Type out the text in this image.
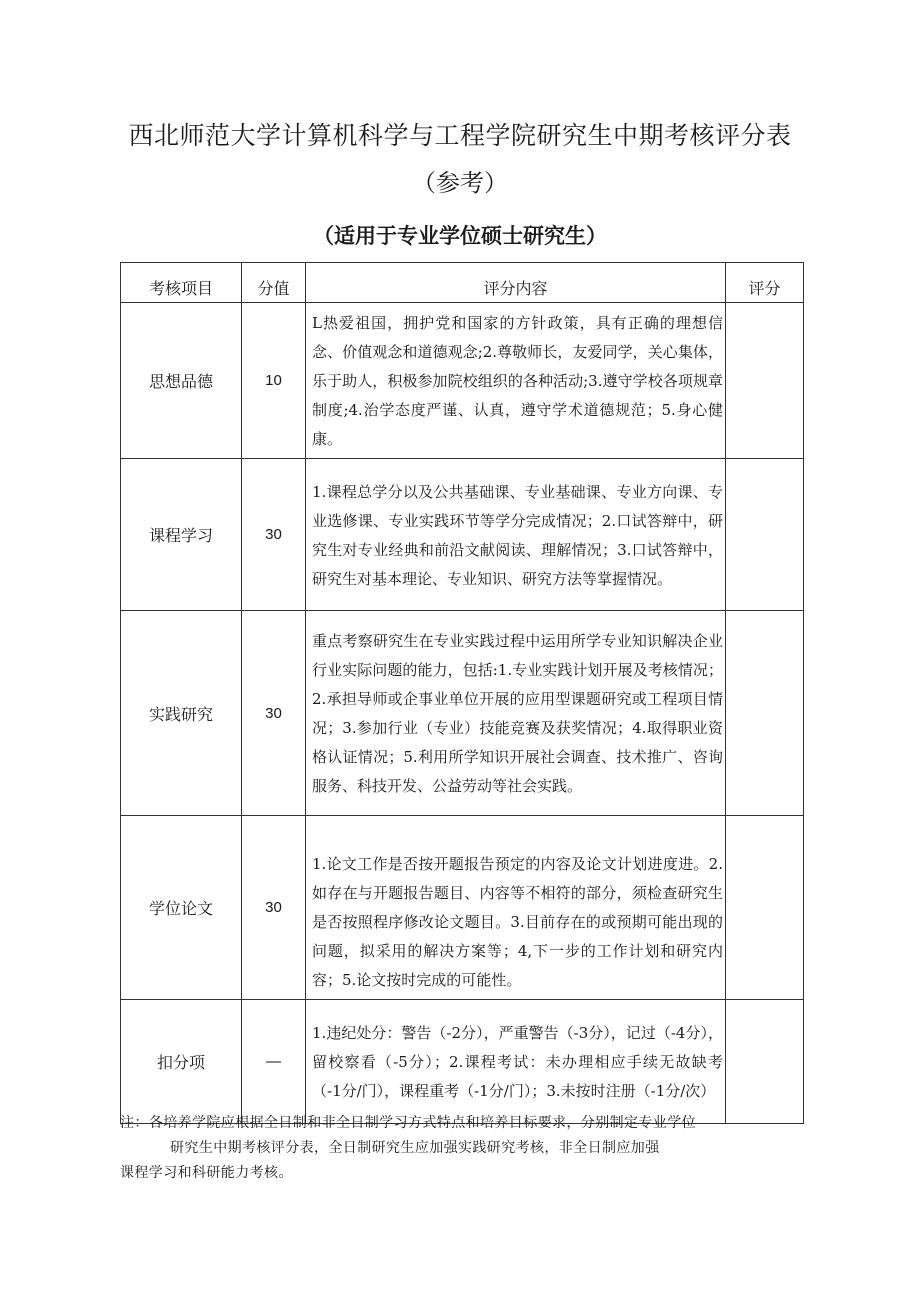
西北师范大学计算机科学与工程学院研究生中期考核评分表
（参考）
（适用于专业学位硕士研究生）
考核项目	分值	评分内容	评分
思想品德	10	L热爱祖国，拥护党和国家的方针政策，具有正确的理想信念、价值观念和道德观念;2.尊敬师长，友爱同学，关心集体，乐于助人，积极参加院校组织的各种活动;3.遵守学校各项规章制度;4.治学态度严谨、认真，遵守学术道德规范；5.身心健康。	
课程学习	30	1.课程总学分以及公共基础课、专业基础课、专业方向课、专业选修课、专业实践环节等学分完成情况；2.口试答辩中，研究生对专业经典和前沿文献阅读、理解情况；3.口试答辩中，研究生对基本理论、专业知识、研究方法等掌握情况。	
实践研究	30	重点考察研究生在专业实践过程中运用所学专业知识解决企业行业实际问题的能力，包括:1.专业实践计划开展及考核情况；2.承担导师或企事业单位开展的应用型课题研究或工程项目情况；3.参加行业（专业）技能竞赛及获奖情况；4.取得职业资格认证情况；5.利用所学知识开展社会调查、技术推广、咨询服务、科技开发、公益劳动等社会实践。	
学位论文	30	1.论文工作是否按开题报告预定的内容及论文计划进度进。2.如存在与开题报告题目、内容等不相符的部分，须检查研究生是否按照程序修改论文题目。3.目前存在的或预期可能出现的问题，拟采用的解决方案等；4,下一步的工作计划和研究内容；5.论文按时完成的可能性。	
扣分项	—	1.违纪处分：警告（-2分），严重警告（-3分），记过（-4分），留校察看（-5分）；2.课程考试：未办理相应手续无故缺考（-1分/门），课程重考（-1分/门）；3.未按时注册（-1分/次）	
注：各培养学院应根据全日制和非全日制学习方式特点和培养目标要求，分别制定专业学位
研究生中期考核评分表，全日制研究生应加强实践研究考核，非全日制应加强
课程学习和科研能力考核。
